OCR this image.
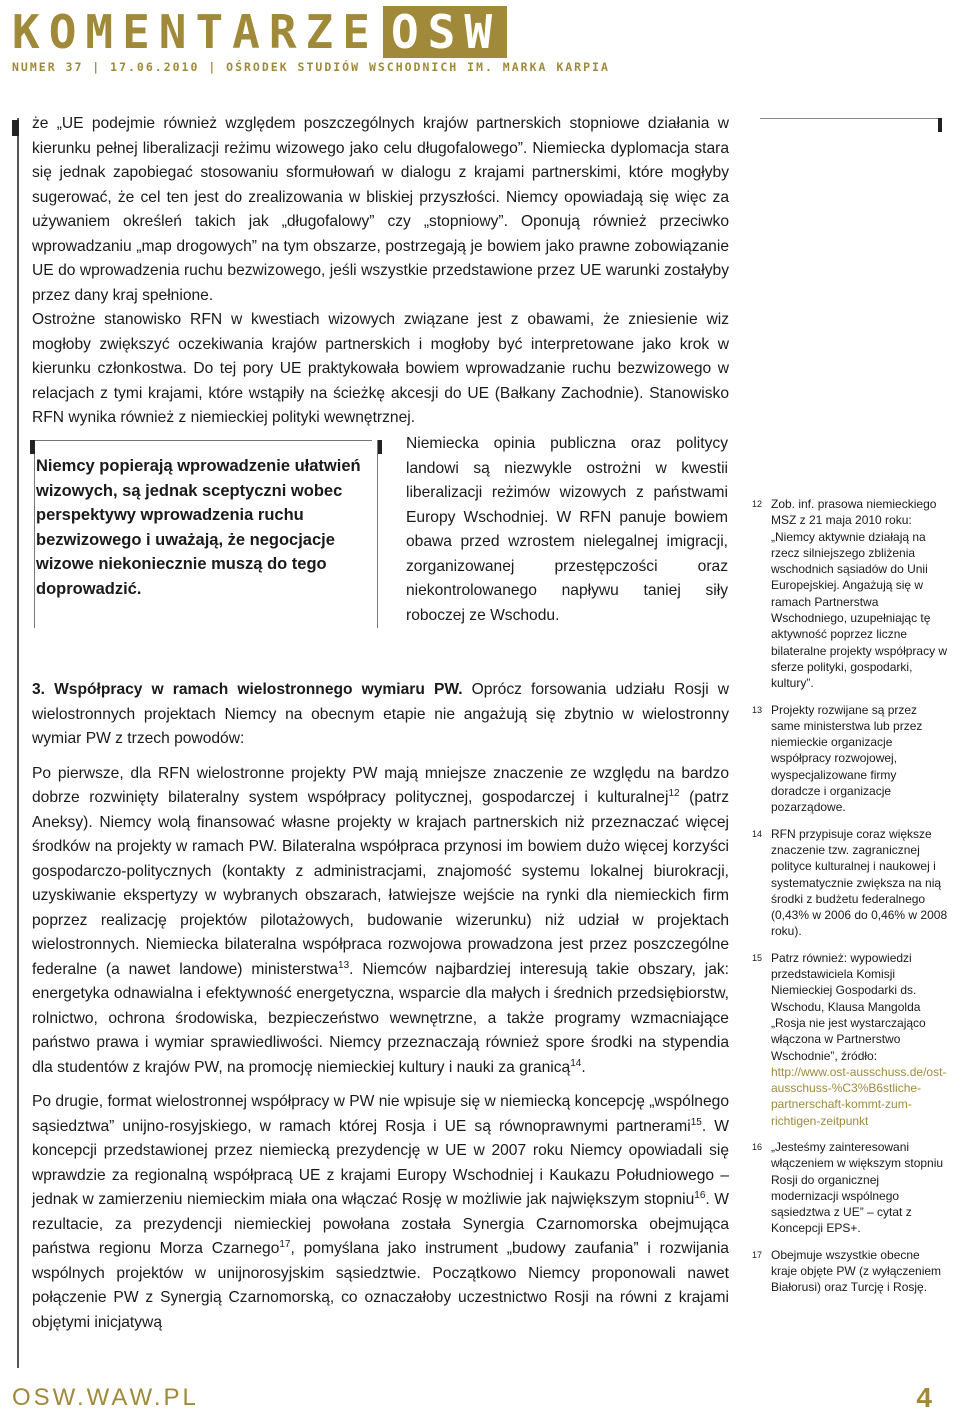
KOMENTARZE OSW
NUMER 37 | 17.06.2010 | OŚRODEK STUDIÓW WSCHODNICH IM. MARKA KARPIA

że „UE podejmie również względem poszczególnych krajów partnerskich stopniowe działania w kierunku pełnej liberalizacji reżimu wizowego jako celu długofalowego”. Niemiecka dyplomacja stara się jednak zapobiegać stosowaniu sformułowań w dialogu z krajami partnerskimi, które mogłyby sugerować, że cel ten jest do zrealizowania w bliskiej przyszłości. Niemcy opowiadają się więc za używaniem określeń takich jak „długofalowy” czy „stopniowy”. Oponują również przeciwko wprowadzaniu „map drogowych” na tym obszarze, postrzegają je bowiem jako prawne zobowiązanie UE do wprowadzenia ruchu bezwizowego, jeśli wszystkie przedstawione przez UE warunki zostałyby przez dany kraj spełnione.

Ostrożne stanowisko RFN w kwestiach wizowych związane jest z obawami, że zniesienie wiz mogłoby zwiększyć oczekiwania krajów partnerskich i mogłoby być interpretowane jako krok w kierunku członkostwa. Do tej pory UE praktykowała bowiem wprowadzanie ruchu bezwizowego w relacjach z tymi krajami, które wstąpiły na ścieżkę akcesji do UE (Bałkany Zachodnie). Stanowisko RFN wynika również z niemieckiej polityki wewnętrznej.

Niemcy popierają wprowadzenie ułatwień wizowych, są jednak sceptyczni wobec perspektywy wprowadzenia ruchu bezwizowego i uważają, że negocjacje wizowe niekoniecznie muszą do tego doprowadzić.
Niemiecka opinia publiczna oraz politycy landowi są niezwykle ostrożni w kwestii liberalizacji reżimów wizowych z państwami Europy Wschodniej. W RFN panuje bowiem obawa przed wzrostem nielegalnej imigracji, zorganizowanej przestępczości oraz niekontrolowanego napływu taniej siły roboczej ze Wschodu.

3. Współpracy w ramach wielostronnego wymiaru PW. Oprócz forsowania udziału Rosji w wielostronnych projektach Niemcy na obecnym etapie nie angażują się zbytnio w wielostronny wymiar PW z trzech powodów:

Po pierwsze, dla RFN wielostronne projekty PW mają mniejsze znaczenie ze względu na bardzo dobrze rozwinięty bilateralny system współpracy politycznej, gospodarczej i kulturalnej$^{12}$ (patrz Aneksy). Niemcy wolą finansować własne projekty w krajach partnerskich niż przeznaczać więcej środków na projekty w ramach PW. Bilateralna współpraca przynosi im bowiem dużo więcej korzyści gospodarczo-politycznych (kontakty z administracjami, znajomość systemu lokalnej biurokracji, uzyskiwanie ekspertyzy w wybranych obszarach, łatwiejsze wejście na rynki dla niemieckich firm poprzez realizację projektów pilotażowych, budowanie wizerunku) niż udział w projektach wielostronnych. Niemiecka bilateralna współpraca rozwojowa prowadzona jest przez poszczególne federalne (a nawet landowe) ministerstwa$^{13}$. Niemców najbardziej interesują takie obszary, jak: energetyka odnawialna i efektywność energetyczna, wsparcie dla małych i średnich przedsiębiorstw, rolnictwo, ochrona środowiska, bezpieczeństwo wewnętrzne, a także programy wzmacniające państwo prawa i wymiar sprawiedliwości. Niemcy przeznaczają również spore środki na stypendia dla studentów z krajów PW, na promocję niemieckiej kultury i nauki za granicą$^{14}$.

Po drugie, format wielostronnej współpracy w PW nie wpisuje się w niemiecką koncepcję „wspólnego sąsiedztwa” unijno-rosyjskiego, w ramach której Rosja i UE są równoprawnymi partnerami$^{15}$. W koncepcji przedstawionej przez niemiecką prezydencję w UE w 2007 roku Niemcy opowiadali się wprawdzie za regionalną współpracą UE z krajami Europy Wschodniej i Kaukazu Południowego – jednak w zamierzeniu niemieckim miała ona włączać Rosję w możliwie jak największym stopniu$^{16}$. W rezultacie, za prezydencji niemieckiej powołana została Synergia Czarnomorska obejmująca państwa regionu Morza Czarnego$^{17}$, pomyślana jako instrument „budowy zaufania” i rozwijania wspólnych projektów w unijnorosyjskim sąsiedztwie. Początkowo Niemcy proponowali nawet połączenie PW z Synergią Czarnomorską, co oznaczałoby uczestnictwo Rosji na równi z krajami objętymi inicjatywą

12 Zob. inf. prasowa niemieckiego MSZ z 21 maja 2010 roku: „Niemcy aktywnie działają na rzecz silniejszego zbliżenia wschodnich sąsiadów do Unii Europejskiej. Angażują się w ramach Partnerstwa Wschodniego, uzupełniając tę aktywność poprzez liczne bilateralne projekty współpracy w sferze polityki, gospodarki, kultury”.
13 Projekty rozwijane są przez same ministerstwa lub przez niemieckie organizacje współpracy rozwojowej, wyspecjalizowane firmy doradcze i organizacje pozarządowe.
14 RFN przypisuje coraz większe znaczenie tzw. zagranicznej polityce kulturalnej i naukowej i systematycznie zwiększa na nią środki z budżetu federalnego (0,43% w 2006 do 0,46% w 2008 roku).
15 Patrz również: wypowiedzi przedstawiciela Komisji Niemieckiej Gospodarki ds. Wschodu, Klausa Mangolda „Rosja nie jest wystarczająco włączona w Partnerstwo Wschodnie”, źródło: http://www.ost-ausschuss.de/ost-ausschuss-%C3%B6stliche-partnerschaft-kommt-zum-richtigen-zeitpunkt
16 „Jesteśmy zainteresowani włączeniem w większym stopniu Rosji do organicznej modernizacji wspólnego sąsiedztwa z UE” – cytat z Koncepcji EPS+.
17 Obejmuje wszystkie obecne kraje objęte PW (z wyłączeniem Białorusi) oraz Turcję i Rosję.
OSW.WAW.PL	4
